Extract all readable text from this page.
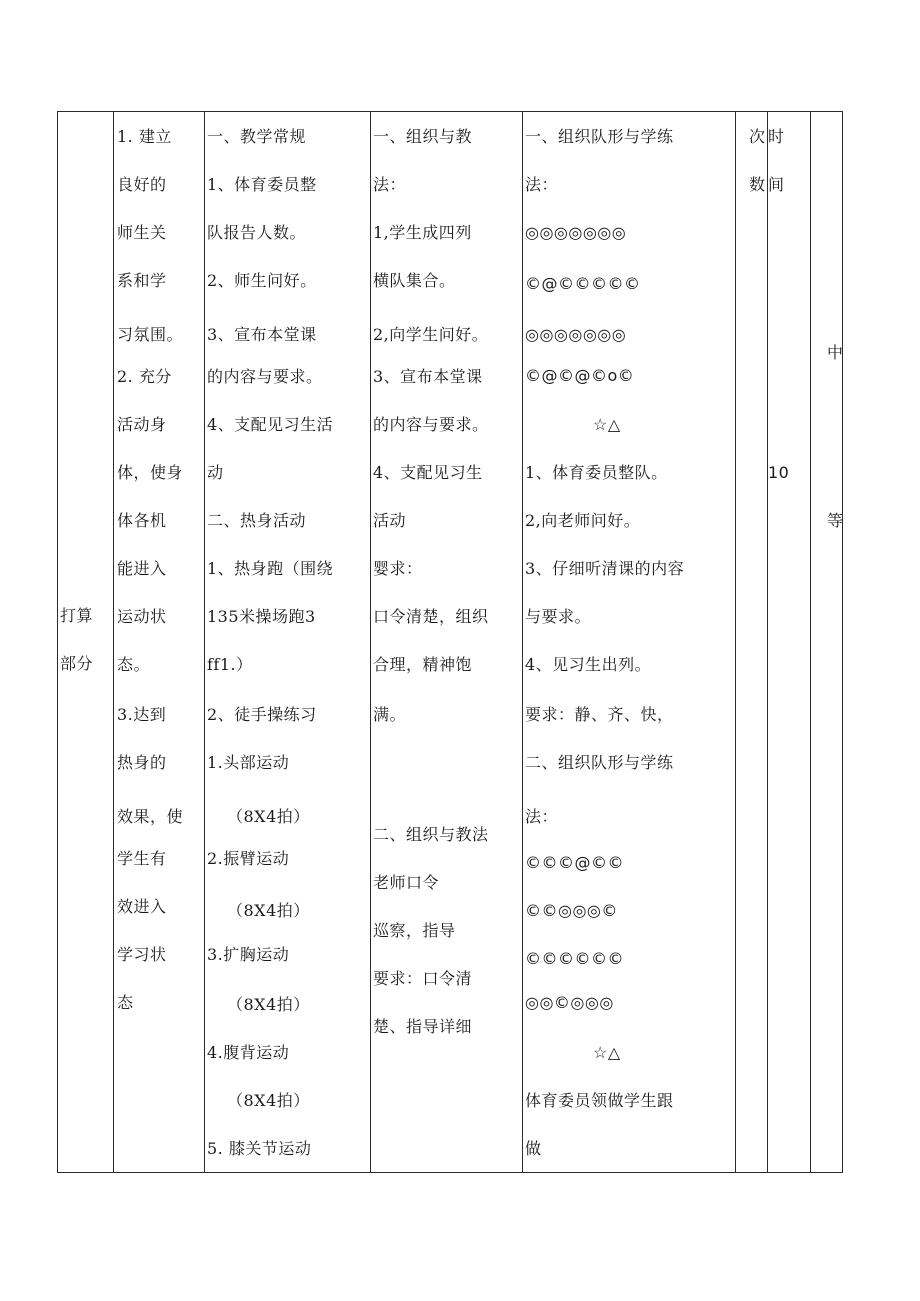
打算
部分
1. 建立
良好的
师生关
系和学
习氛围。
2. 充分
活动身
体，使身
体各机
能进入
运动状
态。
3.达到
热身的
效果，使
学生有
效进入
学习状
态
一、教学常规
1、体育委员整
队报告人数。
2、师生问好。
3、宣布本堂课
的内容与要求。
4、支配见习生活
动
二、热身活动
1、热身跑（围绕
135米操场跑3
ff1.）
2、徒手操练习
1.头部运动
（8X4拍）
2.振臂运动
（8X4拍）
3.扩胸运动
（8X4拍）
4.腹背运动
（8X4拍）
5. 膝关节运动
一、组织与教
法：
1,学生成四列
横队集合。
2,向学生问好。
3、宣布本堂课
的内容与要求。
4、支配见习生
活动
婴求：
口令清楚，组织
合理，精神饱
满。
二、组织与教法
老师口令
巡察，指导
要求：口令清
楚、指导详细
一、组织队形与学练
法：
◎◎◎◎◎◎◎
©@©©©©©
◎◎◎◎◎◎◎
©@©@©o©
☆△
1、体育委员整队。
2,向老师问好。
3、仔细听清课的内容
与要求。
4、见习生出列。
要求：静、齐、快，
二、组织队形与学练
法：
©©©@©©
©©◎◎◎©
©©©©©©
◎◎©◎◎◎
☆△
体育委员领做学生跟
做
次
数
时
间
10
中
等
